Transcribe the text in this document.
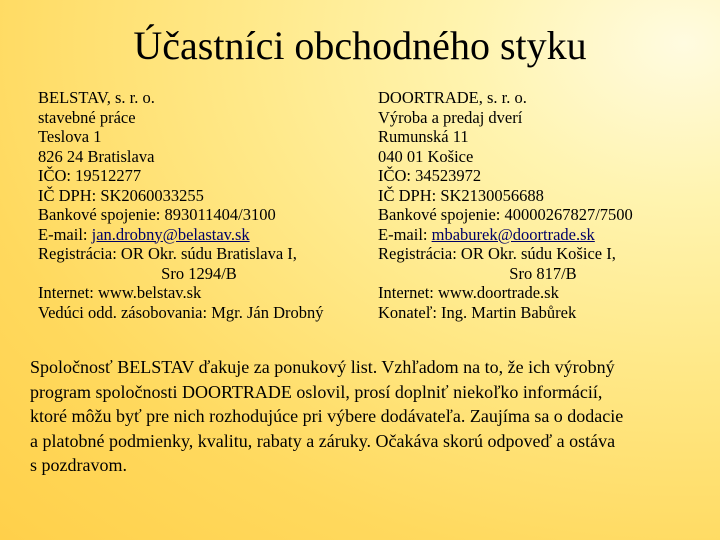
Účastníci obchodného styku
BELSTAV, s. r. o.
stavebné práce
Teslova 1
826 24 Bratislava
IČO: 19512277
IČ DPH: SK2060033255
Bankové spojenie: 893011404/3100
E-mail: jan.drobny@belastav.sk
Registrácia: OR Okr. súdu Bratislava I,
Sro 1294/B
Internet: www.belstav.sk
Vedúci odd. zásobovania: Mgr. Ján Drobný
DOORTRADE, s. r. o.
Výroba a predaj dverí
Rumunská 11
040 01 Košice
IČO: 34523972
IČ DPH: SK2130056688
Bankové spojenie: 40000267827/7500
E-mail: mbaburek@doortrade.sk
Registrácia: OR Okr. súdu Košice I,
Sro 817/B
Internet: www.doortrade.sk
Konateľ: Ing. Martin Babůrek
Spoločnosť BELSTAV ďakuje za ponukový list. Vzhľadom na to, že ich výrobný
program spoločnosti DOORTRADE oslovil, prosí doplniť niekoľko informácií,
ktoré môžu byť pre nich rozhodujúce pri výbere dodávateľa. Zaujíma sa o dodacie
a platobné podmienky, kvalitu, rabaty a záruky. Očakáva skorú odpoveď a ostáva
s pozdravom.
